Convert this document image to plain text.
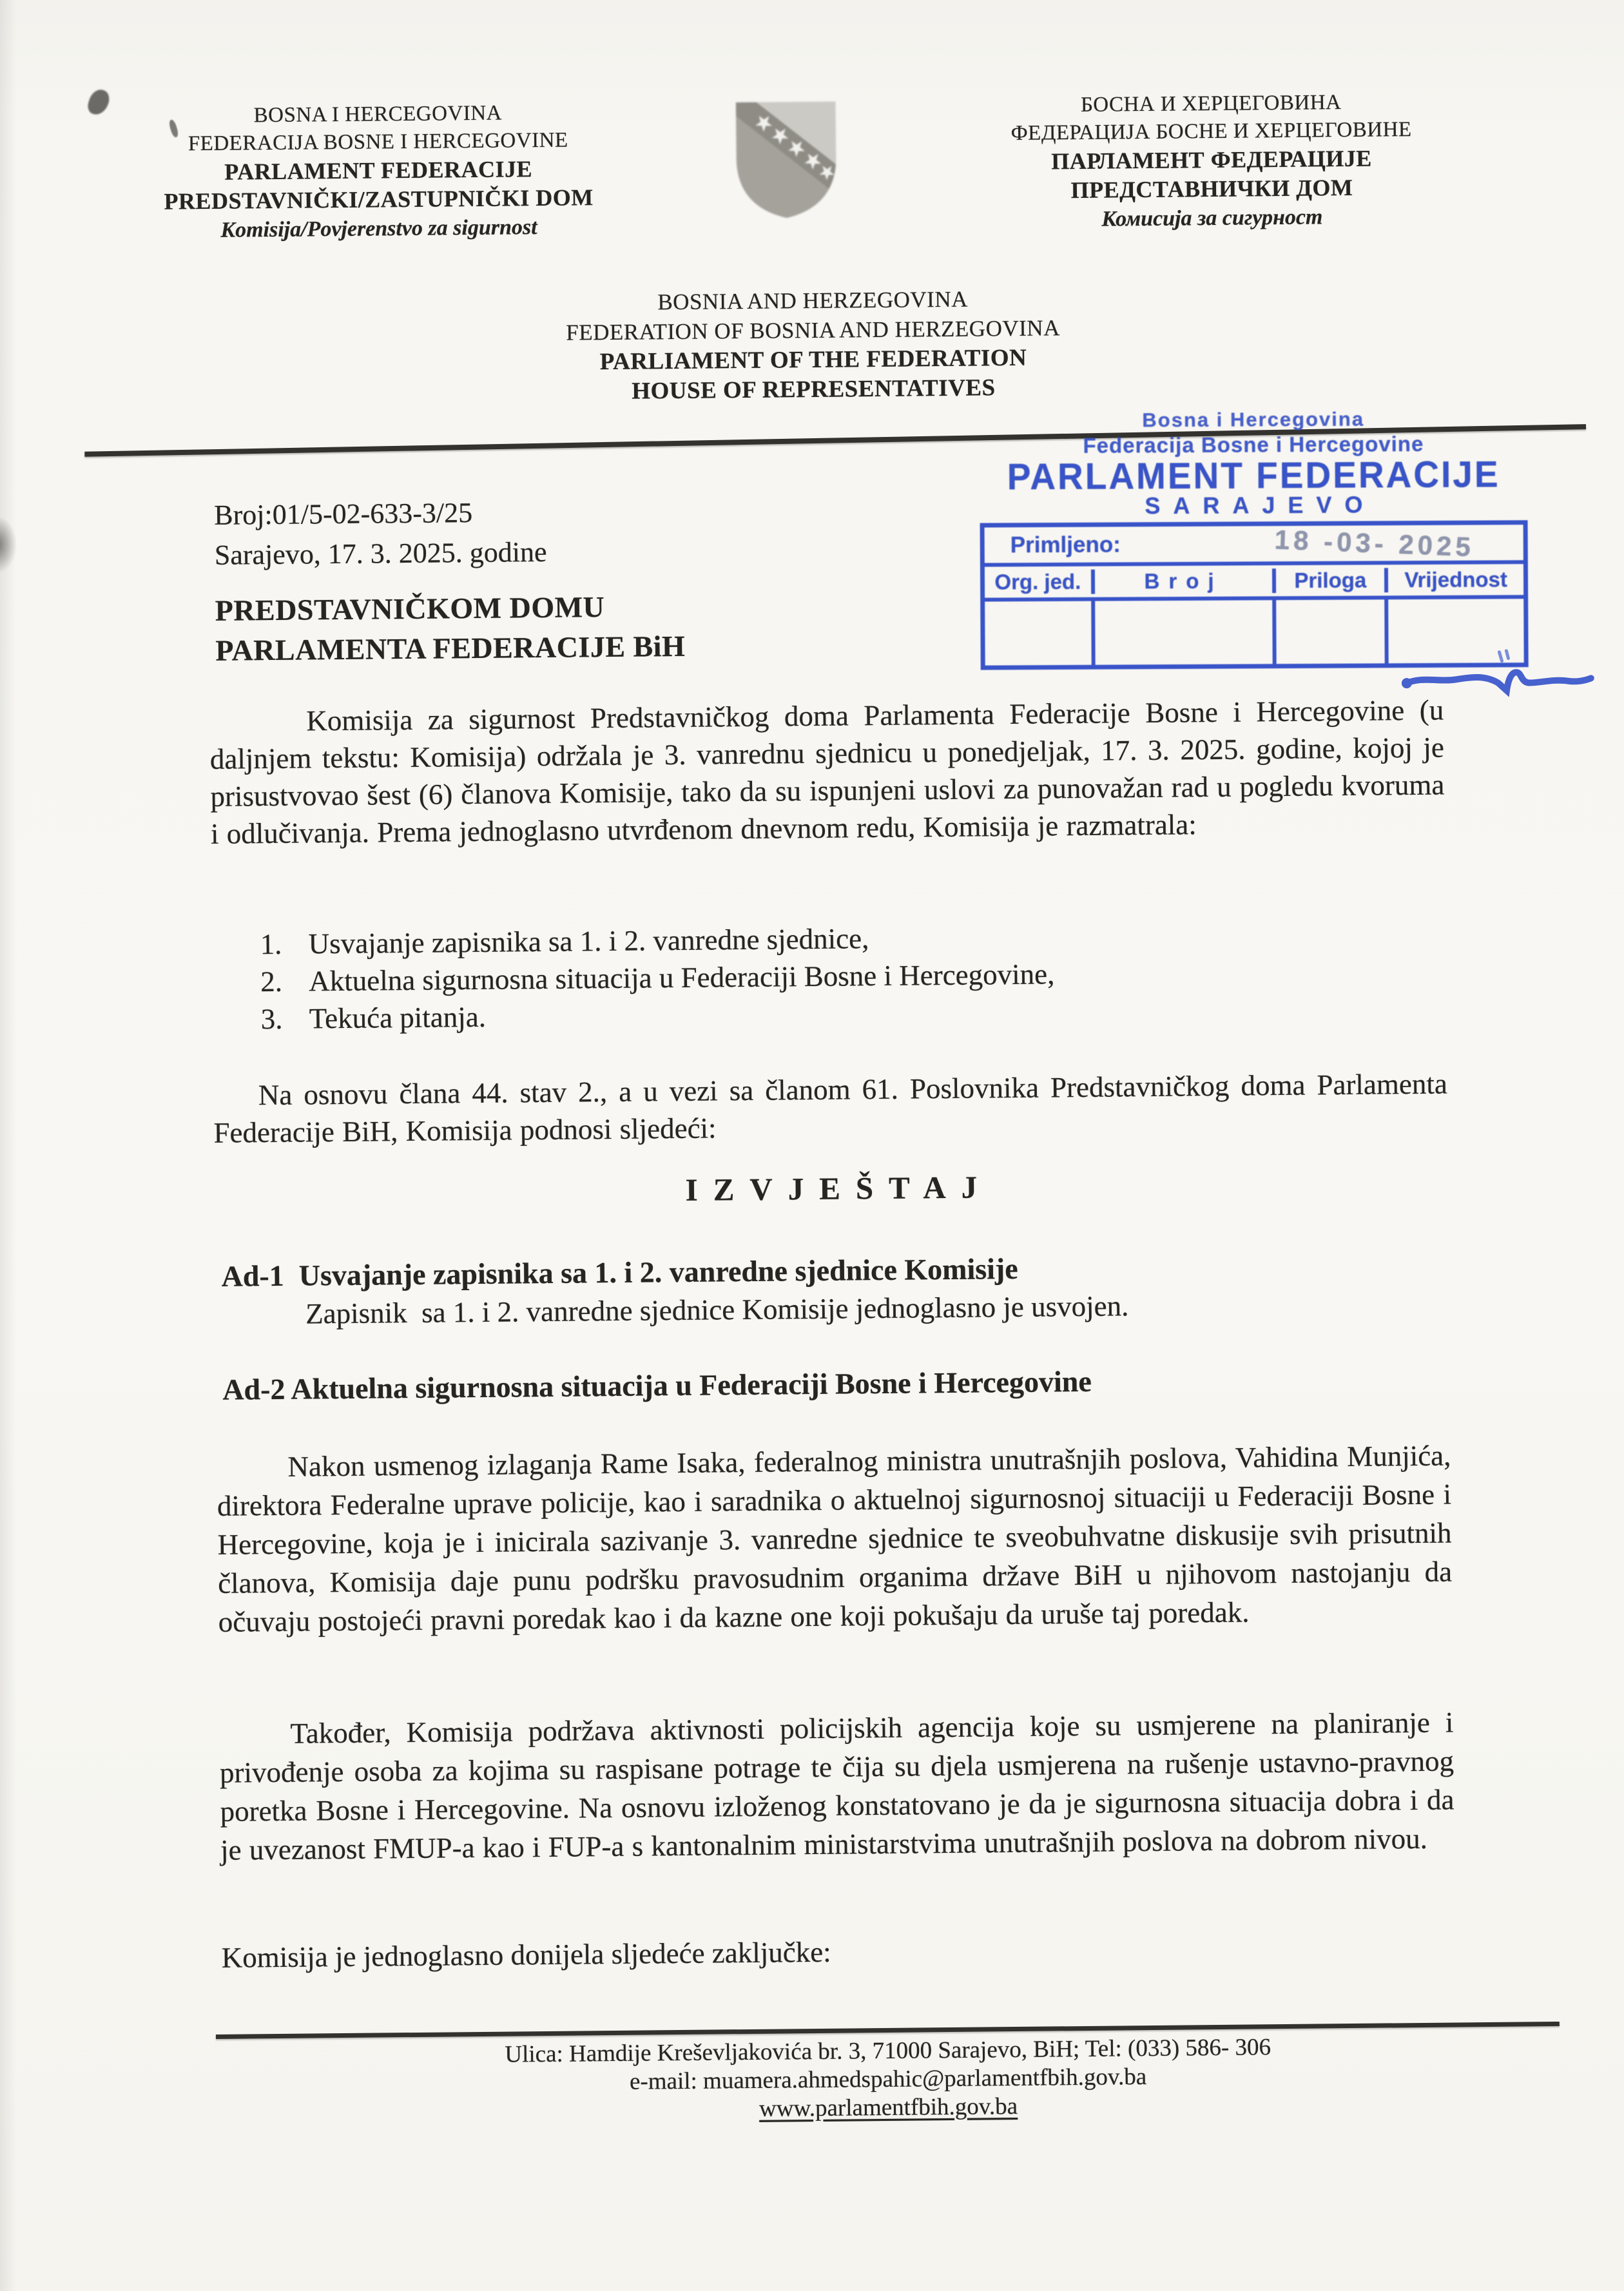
BOSNA I HERCEGOVINA
FEDERACIJA BOSNE I HERCEGOVINE
PARLAMENT FEDERACIJE
PREDSTAVNIČKI/ZASTUPNIČKI DOM
Komisija/Povjerenstvo za sigurnost
БОСНА И ХЕРЦЕГОВИНА
ФЕДЕРАЦИЈА БОСНЕ И ХЕРЦЕГОВИНЕ
ПАРЛАМЕНТ ФЕДЕРАЦИЈЕ
ПРЕДСТАВНИЧКИ ДОМ
Комисија за сигурност
BOSNIA AND HERZEGOVINA
FEDERATION OF BOSNIA AND HERZEGOVINA
PARLIAMENT OF THE FEDERATION
HOUSE OF REPRESENTATIVES
Bosna i Hercegovina
Federacija Bosne i Hercegovine
PARLAMENT FEDERACIJE
SARAJEVO
Primljeno:	18 -03- 2025
Org. jed.	Broj	Priloga	Vrijednost
Broj:01/5-02-633-3/25
Sarajevo, 17. 3. 2025. godine
PREDSTAVNIČKOM DOMU
PARLAMENTA FEDERACIJE BiH

Komisija za sigurnost Predstavničkog doma Parlamenta Federacije Bosne i Hercegovine (u daljnjem tekstu: Komisija) održala je 3. vanrednu sjednicu u ponedjeljak, 17. 3. 2025. godine, kojoj je prisustvovao šest (6) članova Komisije, tako da su ispunjeni uslovi za punovažan rad u pogledu kvoruma i odlučivanja. Prema jednoglasno utvrđenom dnevnom redu, Komisija je razmatrala:

1. Usvajanje zapisnika sa 1. i 2. vanredne sjednice,
2. Aktuelna sigurnosna situacija u Federaciji Bosne i Hercegovine,
3. Tekuća pitanja.

Na osnovu člana 44. stav 2., a u vezi sa članom 61. Poslovnika Predstavničkog doma Parlamenta Federacije BiH, Komisija podnosi sljedeći:

IZVJEŠTAJ
Ad-1  Usvajanje zapisnika sa 1. i 2. vanredne sjednice Komisije

Zapisnik  sa 1. i 2. vanredne sjednice Komisije jednoglasno je usvojen.

Ad-2 Aktuelna sigurnosna situacija u Federaciji Bosne i Hercegovine

Nakon usmenog izlaganja Rame Isaka, federalnog ministra unutrašnjih poslova, Vahidina Munjića, direktora Federalne uprave policije, kao i saradnika o aktuelnoj sigurnosnoj situaciji u Federaciji Bosne i Hercegovine, koja je i inicirala sazivanje 3. vanredne sjednice te sveobuhvatne diskusije svih prisutnih članova, Komisija daje punu podršku pravosudnim organima države BiH u njihovom nastojanju da očuvaju postojeći pravni poredak kao i da kazne one koji pokušaju da uruše taj poredak.

Također, Komisija podržava aktivnosti policijskih agencija koje su usmjerene na planiranje i privođenje osoba za kojima su raspisane potrage te čija su djela usmjerena na rušenje ustavno-pravnog poretka Bosne i Hercegovine. Na osnovu izloženog konstatovano je da je sigurnosna situacija dobra i da je uvezanost FMUP-a kao i FUP-a s kantonalnim ministarstvima unutrašnjih poslova na dobrom nivou.

Komisija je jednoglasno donijela sljedeće zaključke:

Ulica: Hamdije Kreševljakovića br. 3, 71000 Sarajevo, BiH; Tel: (033) 586- 306
e-mail: muamera.ahmedspahic@parlamentfbih.gov.ba
www.parlamentfbih.gov.ba
